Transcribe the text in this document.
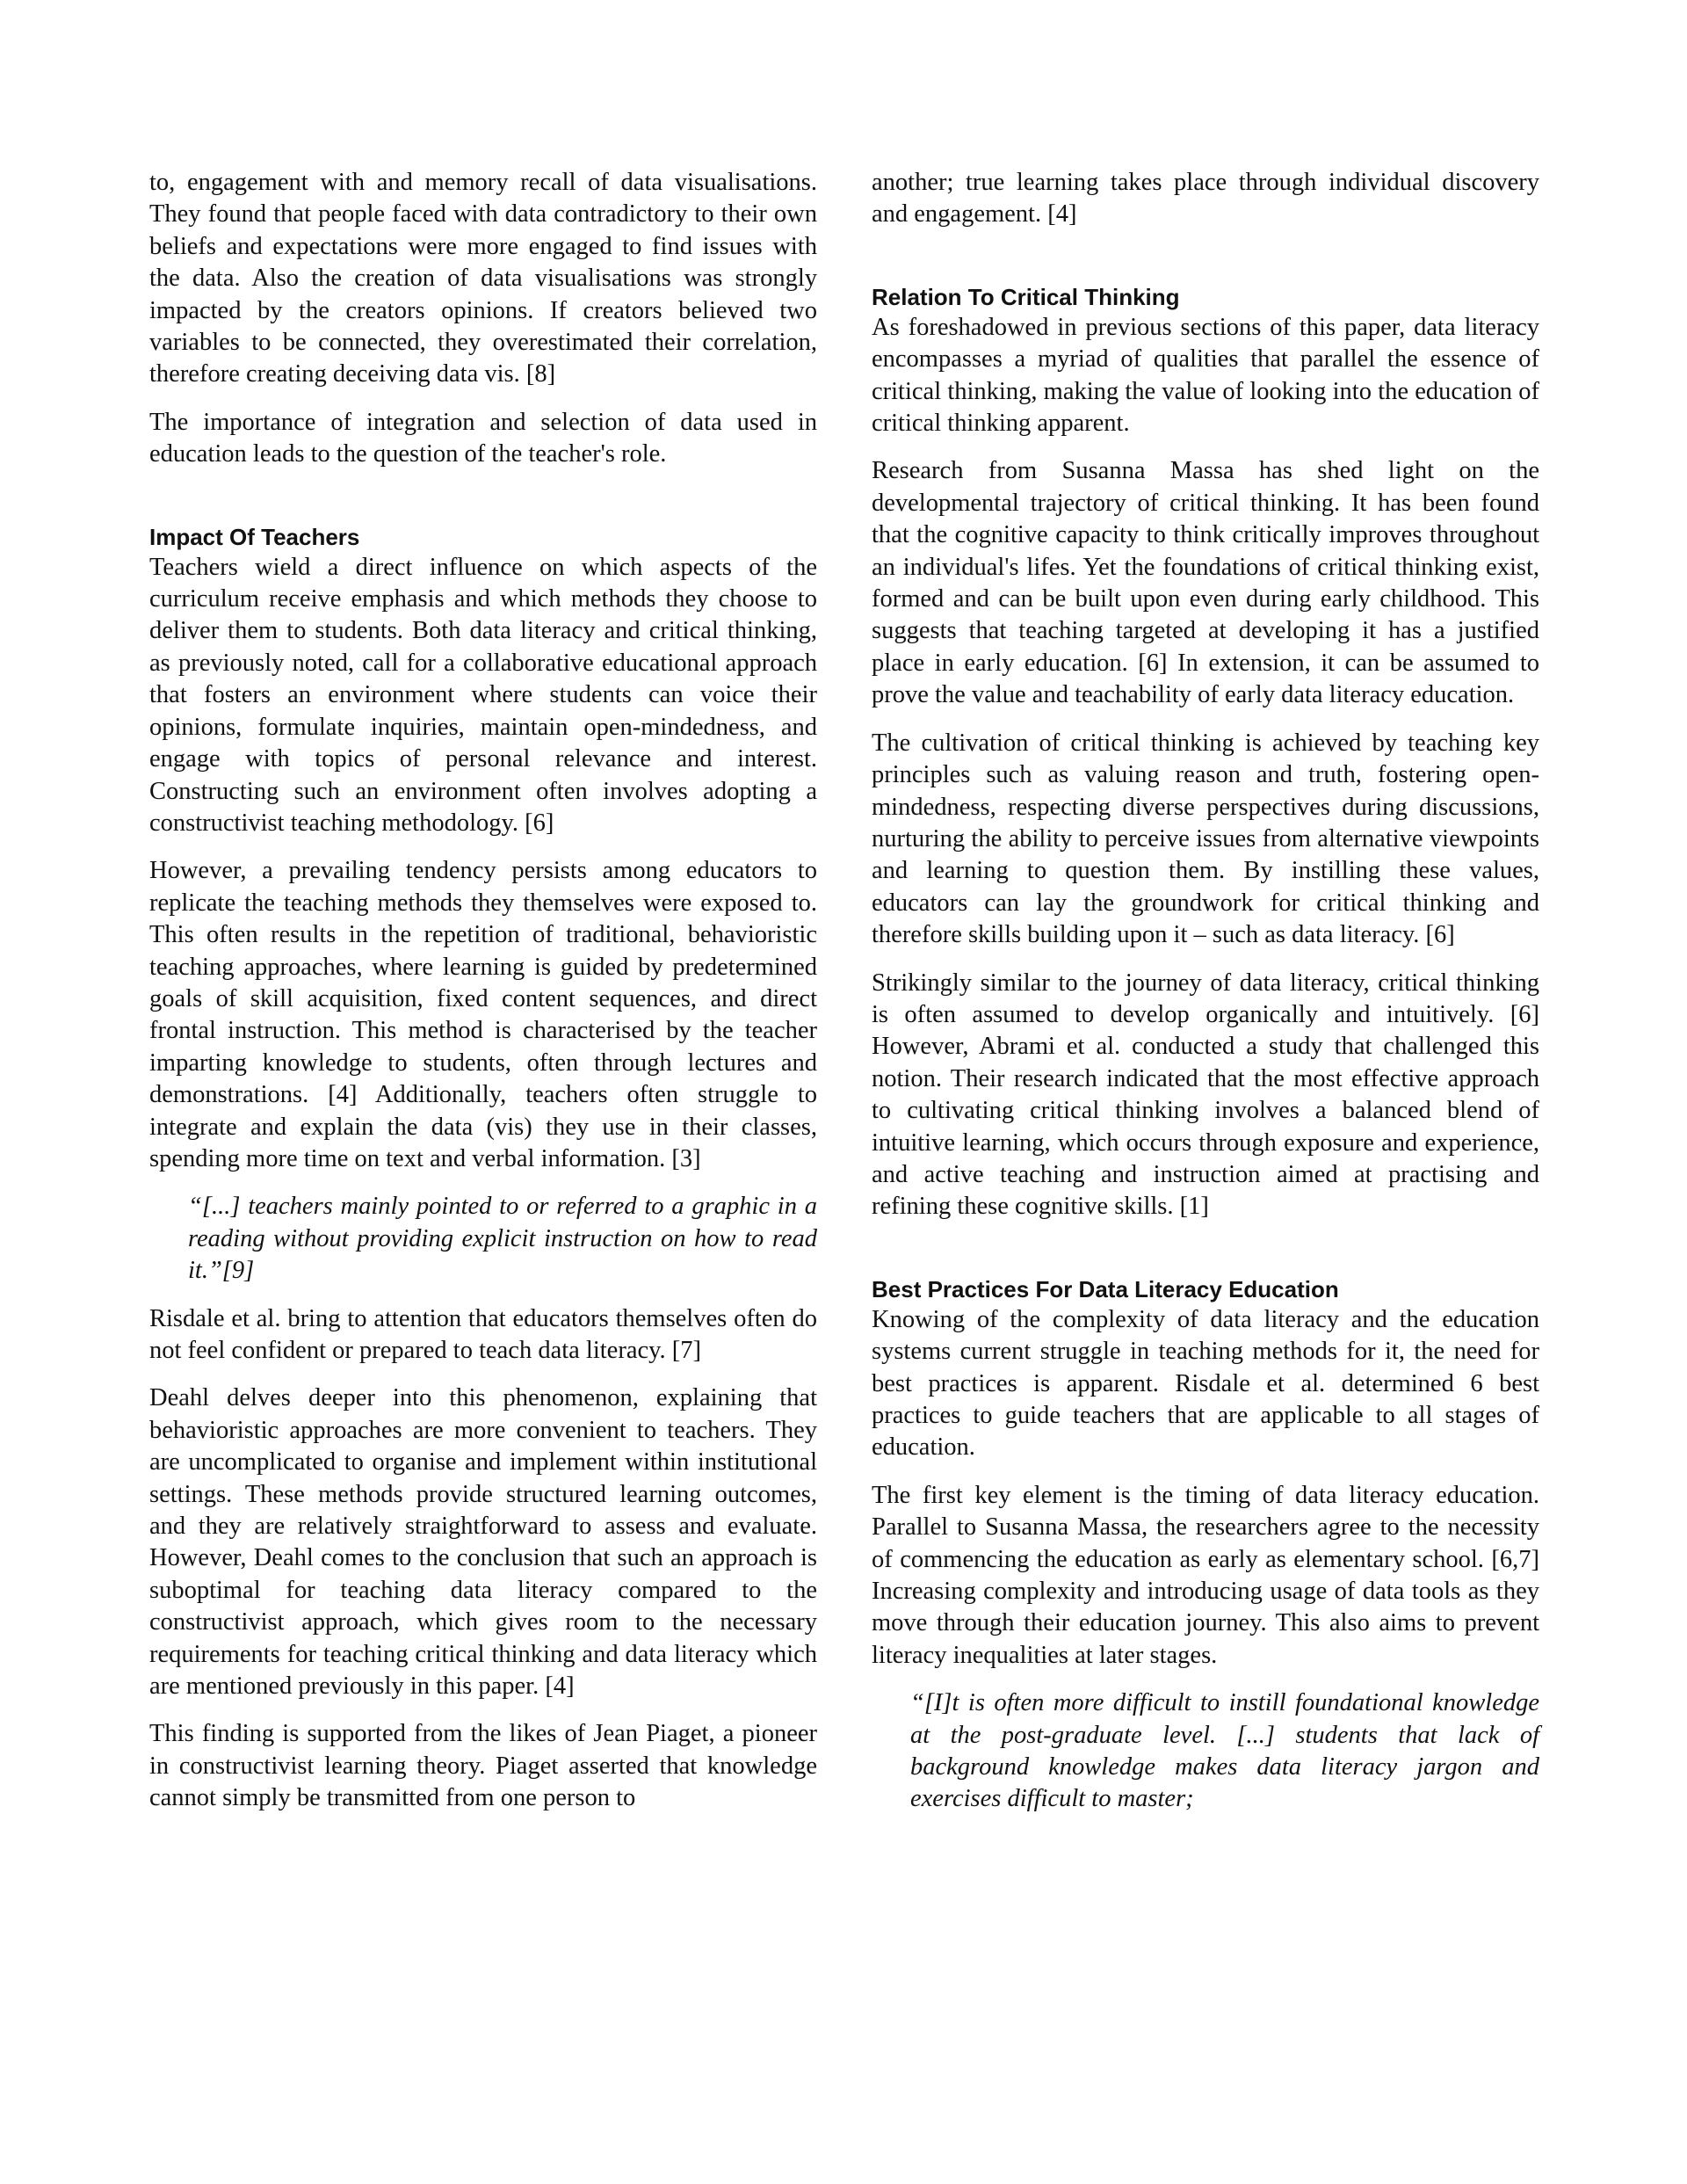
to, engagement with and memory recall of data visualisations. They found that people faced with data contradictory to their own beliefs and expectations were more engaged to find issues with the data. Also the creation of data visualisations was strongly impacted by the creators opinions. If creators believed two variables to be connected, they overestimated their correlation, therefore creating deceiving data vis. [8]

The importance of integration and selection of data used in education leads to the question of the teacher's role.

Impact Of Teachers

Teachers wield a direct influence on which aspects of the curriculum receive emphasis and which methods they choose to deliver them to students. Both data literacy and critical thinking, as previously noted, call for a collaborative educational approach that fosters an environment where students can voice their opinions, formulate inquiries, maintain open-mindedness, and engage with topics of personal relevance and interest. Constructing such an environment often involves adopting a constructivist teaching methodology. [6]

However, a prevailing tendency persists among educators to replicate the teaching methods they themselves were exposed to. This often results in the repetition of traditional, behavioristic teaching approaches, where learning is guided by predetermined goals of skill acquisition, fixed content sequences, and direct frontal instruction. This method is characterised by the teacher imparting knowledge to students, often through lectures and demonstrations. [4] Additionally, teachers often struggle to integrate and explain the data (vis) they use in their classes, spending more time on text and verbal information. [3]

“[...] teachers mainly pointed to or referred to a graphic in a reading without providing explicit instruction on how to read it.”[9]

Risdale et al. bring to attention that educators themselves often do not feel confident or prepared to teach data literacy. [7]

Deahl delves deeper into this phenomenon, explaining that behavioristic approaches are more convenient to teachers. They are uncomplicated to organise and implement within institutional settings. These methods provide structured learning outcomes, and they are relatively straightforward to assess and evaluate. However, Deahl comes to the conclusion that such an approach is suboptimal for teaching data literacy compared to the constructivist approach, which gives room to the necessary requirements for teaching critical thinking and data literacy which are mentioned previously in this paper. [4]

This finding is supported from the likes of Jean Piaget, a pioneer in constructivist learning theory. Piaget asserted that knowledge cannot simply be transmitted from one person to

another; true learning takes place through individual discovery and engagement. [4]

Relation To Critical Thinking

As foreshadowed in previous sections of this paper, data literacy encompasses a myriad of qualities that parallel the essence of critical thinking, making the value of looking into the education of critical thinking apparent.

Research from Susanna Massa has shed light on the developmental trajectory of critical thinking. It has been found that the cognitive capacity to think critically improves throughout an individual's lifes. Yet the foundations of critical thinking exist, formed and can be built upon even during early childhood. This suggests that teaching targeted at developing it has a justified place in early education. [6] In extension, it can be assumed to prove the value and teachability of early data literacy education.

The cultivation of critical thinking is achieved by teaching key principles such as valuing reason and truth, fostering open-mindedness, respecting diverse perspectives during discussions, nurturing the ability to perceive issues from alternative viewpoints and learning to question them. By instilling these values, educators can lay the groundwork for critical thinking and therefore skills building upon it – such as data literacy. [6]

Strikingly similar to the journey of data literacy, critical thinking is often assumed to develop organically and intuitively. [6] However, Abrami et al. conducted a study that challenged this notion. Their research indicated that the most effective approach to cultivating critical thinking involves a balanced blend of intuitive learning, which occurs through exposure and experience, and active teaching and instruction aimed at practising and refining these cognitive skills. [1]

Best Practices For Data Literacy Education

Knowing of the complexity of data literacy and the education systems current struggle in teaching methods for it, the need for best practices is apparent. Risdale et al. determined 6 best practices to guide teachers that are applicable to all stages of education.

The first key element is the timing of data literacy education. Parallel to Susanna Massa, the researchers agree to the necessity of commencing the education as early as elementary school. [6,7] Increasing complexity and introducing usage of data tools as they move through their education journey. This also aims to prevent literacy inequalities at later stages.

“[I]t is often more difficult to instill foundational knowledge at the post-graduate level. [...] students that lack of background knowledge makes data literacy jargon and exercises difficult to master;
